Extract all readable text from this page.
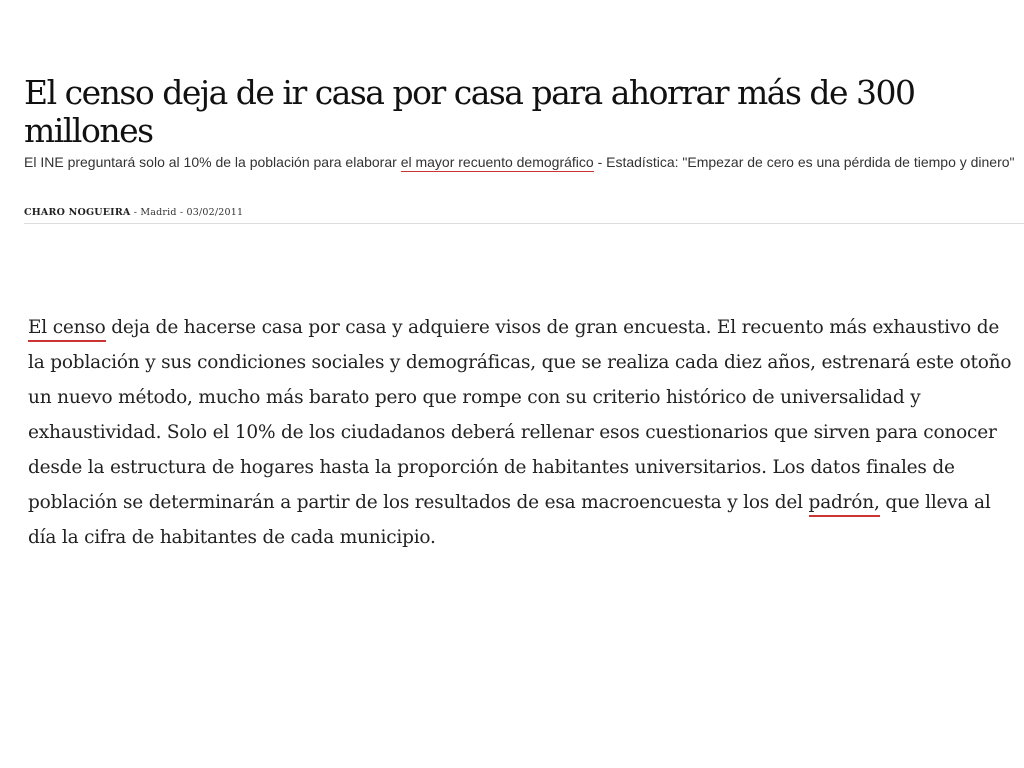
El censo deja de ir casa por casa para ahorrar más de 300 millones

El INE preguntará solo al 10% de la población para elaborar el mayor recuento demográfico - Estadística: "Empezar de cero es una pérdida de tiempo y dinero"

CHARO NOGUEIRA - Madrid - 03/02/2011

El censo deja de hacerse casa por casa y adquiere visos de gran encuesta. El recuento más exhaustivo de la población y sus condiciones sociales y demográficas, que se realiza cada diez años, estrenará este otoño un nuevo método, mucho más barato pero que rompe con su criterio histórico de universalidad y exhaustividad. Solo el 10% de los ciudadanos deberá rellenar esos cuestionarios que sirven para conocer desde la estructura de hogares hasta la proporción de habitantes universitarios. Los datos finales de población se determinarán a partir de los resultados de esa macroencuesta y los del padrón, que lleva al día la cifra de habitantes de cada municipio.
